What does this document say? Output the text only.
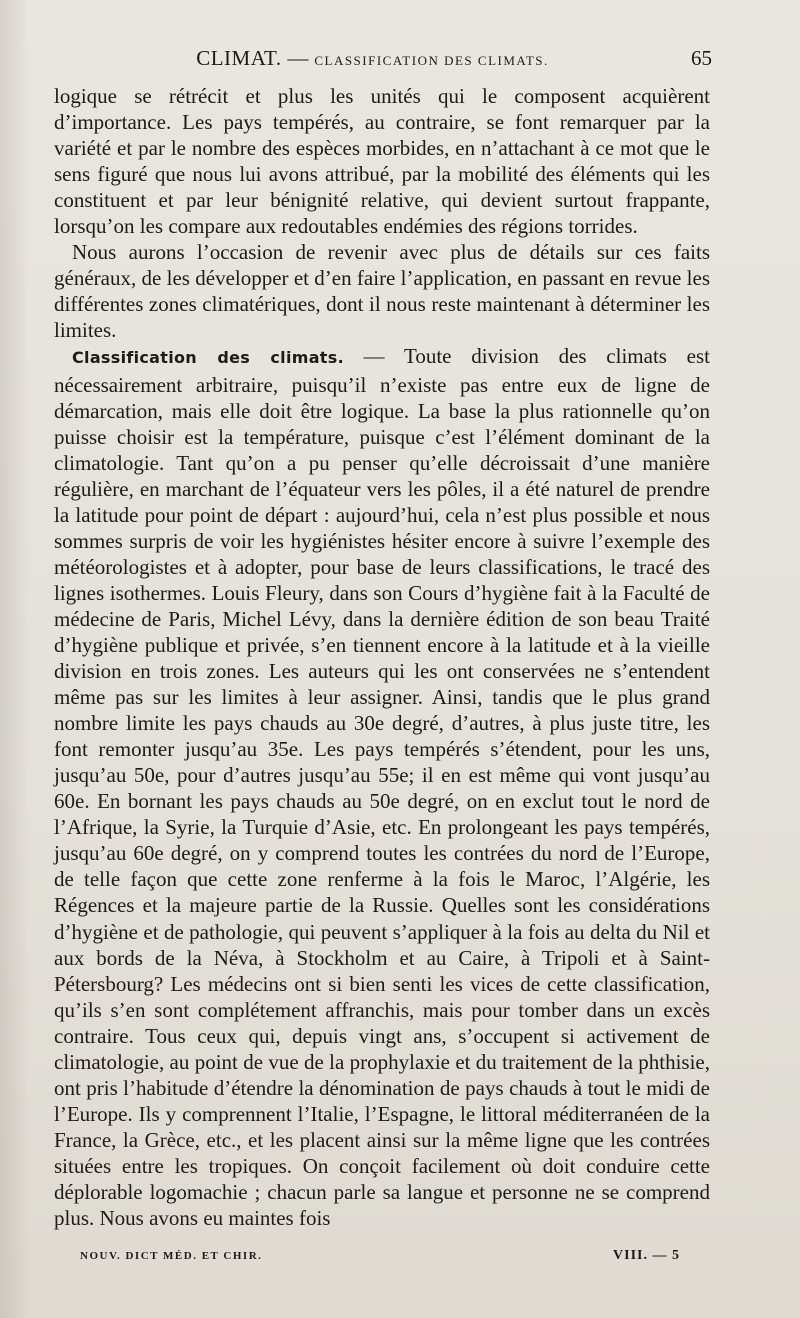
CLIMAT. — CLASSIFICATION DES CLIMATS.	65

logique se rétrécit et plus les unités qui le composent acquièrent d’importance. Les pays tempérés, au contraire, se font remarquer par la variété et par le nombre des espèces morbides, en n’attachant à ce mot que le sens figuré que nous lui avons attribué, par la mobilité des éléments qui les constituent et par leur bénignité relative, qui devient surtout frappante, lorsqu’on les compare aux redoutables endémies des régions torrides.

Nous aurons l’occasion de revenir avec plus de détails sur ces faits généraux, de les développer et d’en faire l’application, en passant en revue les différentes zones climatériques, dont il nous reste maintenant à déterminer les limites.

Classification des climats. — Toute division des climats est nécessairement arbitraire, puisqu’il n’existe pas entre eux de ligne de démarcation, mais elle doit être logique. La base la plus rationnelle qu’on puisse choisir est la température, puisque c’est l’élément dominant de la climatologie. Tant qu’on a pu penser qu’elle décroissait d’une manière régulière, en marchant de l’équateur vers les pôles, il a été naturel de prendre la latitude pour point de départ : aujourd’hui, cela n’est plus possible et nous sommes surpris de voir les hygiénistes hésiter encore à suivre l’exemple des météorologistes et à adopter, pour base de leurs classifications, le tracé des lignes isothermes. Louis Fleury, dans son Cours d’hygiène fait à la Faculté de médecine de Paris, Michel Lévy, dans la dernière édition de son beau Traité d’hygiène publique et privée, s’en tiennent encore à la latitude et à la vieille division en trois zones. Les auteurs qui les ont conservées ne s’entendent même pas sur les limites à leur assigner. Ainsi, tandis que le plus grand nombre limite les pays chauds au 30e degré, d’autres, à plus juste titre, les font remonter jusqu’au 35e. Les pays tempérés s’étendent, pour les uns, jusqu’au 50e, pour d’autres jusqu’au 55e; il en est même qui vont jusqu’au 60e. En bornant les pays chauds au 50e degré, on en exclut tout le nord de l’Afrique, la Syrie, la Turquie d’Asie, etc. En prolongeant les pays tempérés, jusqu’au 60e degré, on y comprend toutes les contrées du nord de l’Europe, de telle façon que cette zone renferme à la fois le Maroc, l’Algérie, les Régences et la majeure partie de la Russie. Quelles sont les considérations d’hygiène et de pathologie, qui peuvent s’appliquer à la fois au delta du Nil et aux bords de la Néva, à Stockholm et au Caire, à Tripoli et à Saint-Pétersbourg? Les médecins ont si bien senti les vices de cette classification, qu’ils s’en sont complétement affranchis, mais pour tomber dans un excès contraire. Tous ceux qui, depuis vingt ans, s’occupent si activement de climatologie, au point de vue de la prophylaxie et du traitement de la phthisie, ont pris l’habitude d’étendre la dénomination de pays chauds à tout le midi de l’Europe. Ils y comprennent l’Italie, l’Espagne, le littoral méditerranéen de la France, la Grèce, etc., et les placent ainsi sur la même ligne que les contrées situées entre les tropiques. On conçoit facilement où doit conduire cette déplorable logomachie ; chacun parle sa langue et personne ne se comprend plus. Nous avons eu maintes fois

NOUV. DICT MÉD. ET CHIR.	VIII. — 5
